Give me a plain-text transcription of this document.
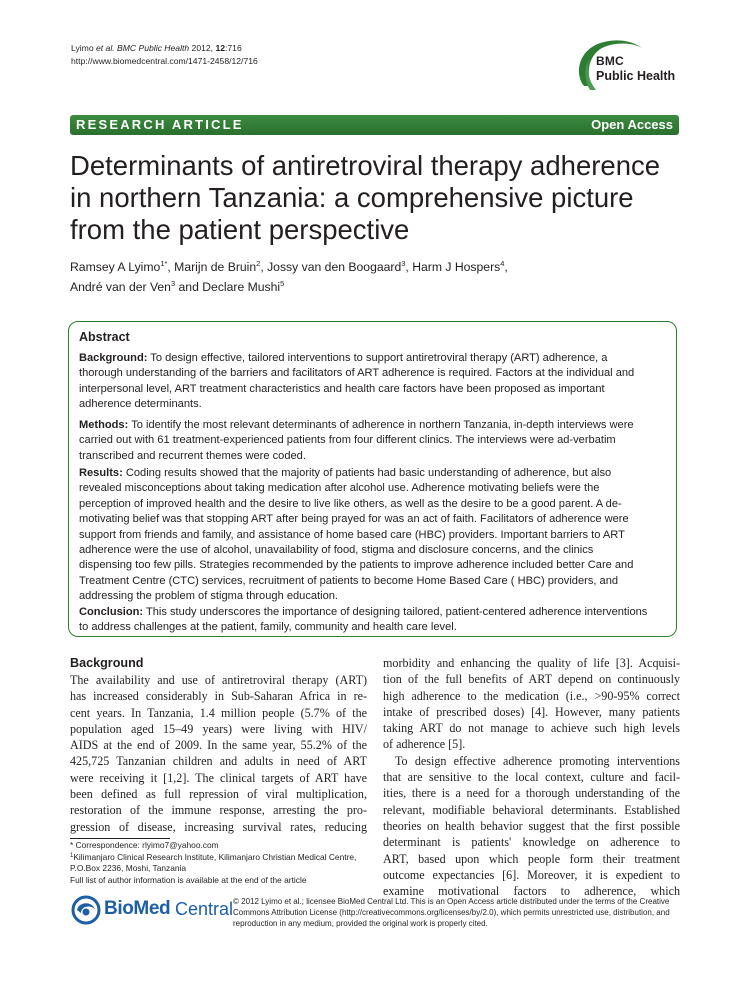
Lyimo et al. BMC Public Health 2012, 12:716
http://www.biomedcentral.com/1471-2458/12/716	BMC
Public Health
RESEARCH ARTICLE	Open Access
Determinants of antiretroviral therapy adherence
in northern Tanzania: a comprehensive picture
from the patient perspective
Ramsey A Lyimo$^{1*}$, Marijn de Bruin$^2$, Jossy van den Boogaard$^3$, Harm J Hospers$^4$,
André van der Ven$^3$ and Declare Mushi$^5$
Abstract
Background: To design effective, tailored interventions to support antiretroviral therapy (ART) adherence, a
thorough understanding of the barriers and facilitators of ART adherence is required. Factors at the individual and
interpersonal level, ART treatment characteristics and health care factors have been proposed as important
adherence determinants.
Methods: To identify the most relevant determinants of adherence in northern Tanzania, in-depth interviews were
carried out with 61 treatment-experienced patients from four different clinics. The interviews were ad-verbatim
transcribed and recurrent themes were coded.
Results: Coding results showed that the majority of patients had basic understanding of adherence, but also
revealed misconceptions about taking medication after alcohol use. Adherence motivating beliefs were the
perception of improved health and the desire to live like others, as well as the desire to be a good parent. A de-
motivating belief was that stopping ART after being prayed for was an act of faith. Facilitators of adherence were
support from friends and family, and assistance of home based care (HBC) providers. Important barriers to ART
adherence were the use of alcohol, unavailability of food, stigma and disclosure concerns, and the clinics
dispensing too few pills. Strategies recommended by the patients to improve adherence included better Care and
Treatment Centre (CTC) services, recruitment of patients to become Home Based Care ( HBC) providers, and
addressing the problem of stigma through education.
Conclusion: This study underscores the importance of designing tailored, patient-centered adherence interventions
to address challenges at the patient, family, community and health care level.
Background
The availability and use of antiretroviral therapy (ART)
has increased considerably in Sub-Saharan Africa in re-
cent years. In Tanzania, 1.4 million people (5.7% of the
population aged 15–49 years) were living with HIV/
AIDS at the end of 2009. In the same year, 55.2% of the
425,725 Tanzanian children and adults in need of ART
were receiving it [1,2]. The clinical targets of ART have
been defined as full repression of viral multiplication,
restoration of the immune response, arresting the pro-
gression of disease, increasing survival rates, reducing
morbidity and enhancing the quality of life [3]. Acquisi-
tion of the full benefits of ART depend on continuously
high adherence to the medication (i.e., >90-95% correct
intake of prescribed doses) [4]. However, many patients
taking ART do not manage to achieve such high levels
of adherence [5].
To design effective adherence promoting interventions
that are sensitive to the local context, culture and facil-
ities, there is a need for a thorough understanding of the
relevant, modifiable behavioral determinants. Established
theories on health behavior suggest that the first possible
determinant is patients' knowledge on adherence to
ART, based upon which people form their treatment
outcome expectancies [6]. Moreover, it is expedient to
examine motivational factors to adherence, which
* Correspondence: rlyimo7@yahoo.com
$^1$Kilimanjaro Clinical Research Institute, Kilimanjaro Christian Medical Centre,
P.O.Box 2236, Moshi, Tanzania
Full list of author information is available at the end of the article
BioMed Central © 2012 Lyimo et al.; licensee BioMed Central Ltd. This is an Open Access article distributed under the terms of the Creative
Commons Attribution License (http://creativecommons.org/licenses/by/2.0), which permits unrestricted use, distribution, and
reproduction in any medium, provided the original work is properly cited.
